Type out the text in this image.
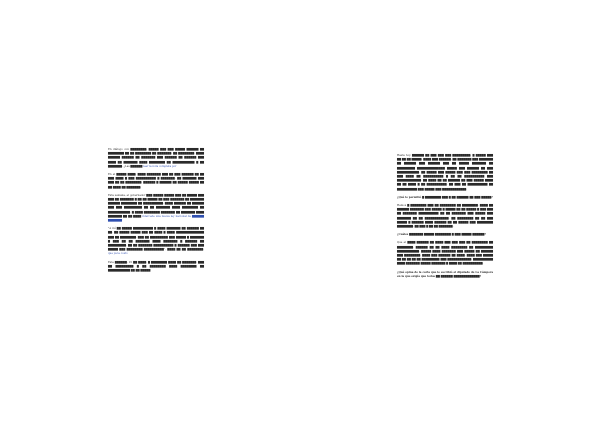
En diálogo con ▇▇▇▇▇▇▇▇, ▇▇▇▇▇ ▇▇▇ ▇▇▇ ▇▇▇▇▇ ▇▇▇▇▇▇ ▇▇ ▇▇▇▇▇▇▇▇ ▇▇ ▇▇ ▇▇▇▇▇▇▇▇ ▇▇ ▇▇▇▇▇▇▇. ▇▇ ▇▇▇▇▇▇▇▇, ▇▇▇▇ ▇▇▇▇▇▇ ▇▇▇▇▇▇ ▇▇ ▇▇▇▇▇▇▇ ▇▇▇ ▇▇▇▇▇▇ ▇▇ ▇▇▇▇▇▇ ▇▇▇ ▇▇▇▇ ▇▇ ▇▇▇▇▇▇▇ ▇▇▇▇ ▇▇▇▇▇▇▇▇ ▇▇ ▇▇▇▇▇▇▇▇▇▇▇ ▇ ▇▇ ▇▇▇▇▇▇▇. ¿Las ▇▇▇▇▇▇ leer la nota completa por

En el ▇▇▇▇▇ ▇▇▇▇, ▇▇▇▇ ▇▇▇▇▇▇▇ ▇▇▇ ▇▇ ▇▇▇ ▇▇▇▇▇▇ ▇▇ ▇▇ ▇▇▇ ▇▇▇▇ ▇ ▇▇▇ ▇▇▇▇▇▇▇▇▇▇ ▇ ▇▇▇▇▇▇▇, ▇▇ ▇▇▇▇▇▇▇ ▇▇▇ ▇▇▇ ▇▇ ▇▇ ▇▇▇▇▇▇▇▇. ▇▇▇▇▇▇ ▇ ▇▇▇▇▇▇ ▇▇ ▇▇▇▇▇ ▇▇▇▇▇ ▇▇ ▇▇ ▇▇▇▇ ▇▇ ▇▇▇▇▇▇▇.

Esta semana, el gobernador ▇▇▇ ▇▇▇▇▇ ▇▇▇▇▇ ▇▇▇ ▇▇ ▇▇▇▇▇ ▇▇▇ ▇▇▇ ▇▇ ▇▇▇▇▇▇▇ ▇ ▇▇ ▇▇ ▇▇▇▇▇ ▇▇ ▇▇▇ ▇▇▇▇▇▇▇ ▇▇ ▇▇▇▇▇▇▇ ▇▇▇▇▇▇ ▇▇▇▇▇▇▇▇ ▇▇ ▇▇▇▇▇▇▇▇▇▇, ▇▇▇▇ ▇▇▇▇▇▇ ▇▇ ▇▇▇▇▇▇ ▇▇▇ ▇▇▇ ▇▇▇▇▇▇▇▇▇ ▇▇ ▇▇ ▇▇▇▇▇▇▇ ▇▇▇▇ ▇▇▇▇▇▇▇▇ ▇▇ ▇▇▇▇▇▇▇▇▇▇▇, ▇ ▇▇▇▇ ▇▇▇▇▇▇▇▇ ▇▇▇▇▇▇▇ ▇▇ ▇▇▇▇▇▇▇ ▇▇▇▇ ▇▇▇▇▇▇▇ ▇▇ ▇▇ ▇▇▇▇ intercede una nueva ley nacional de ▇▇▇▇▇▇ ▇▇▇▇▇▇▇

"A mí ▇▇ ▇▇▇▇▇ ▇▇▇▇▇▇▇▇▇▇ ▇ ▇▇▇▇ ▇▇▇▇▇▇▇ ▇▇ ▇▇▇▇▇▇ ▇▇ ▇▇, ▇▇ ▇▇▇▇▇ ▇▇▇▇▇ ▇▇▇ ▇▇ ▇▇▇▇ ▇ ▇▇▇▇ ▇▇▇▇▇▇▇▇▇▇▇▇▇▇ ▇▇▇ ▇▇ ▇▇▇▇▇▇▇▇. ▇▇▇ ▇▇ ▇▇▇▇▇▇▇▇▇ ▇▇▇ ▇▇▇▇▇ ▇ ▇▇▇▇▇▇▇ ▇ ▇▇▇ ▇▇ ▇▇ ▇▇▇▇▇▇▇ ▇▇▇▇ ▇▇▇▇▇▇▇ ▇ ▇▇▇▇▇▇ ▇▇ ▇▇▇▇▇▇▇▇▇, ▇▇ ▇▇ ▇▇▇▇▇▇▇ ▇▇▇▇▇▇▇▇▇▇ ▇ ▇▇▇▇▇▇ ▇▇▇ ▇▇▇ ▇▇▇▇▇ ▇▇▇ ▇▇▇▇▇▇▇▇ ▇▇▇▇▇▇▇▇▇▇", ▇▇▇▇ ▇▇ ▇▇ ▇▇▇▇▇▇▇▇. que ya le costó

Este ▇▇▇▇▇▇, 25 ▇▇ ▇▇▇▇, ▇ ▇▇▇▇▇▇▇▇ ▇▇▇▇ ▇▇ ▇▇▇▇▇▇▇. ▇▇▇ ▇▇ ▇▇▇▇▇▇▇▇▇ ▇ ▇▇ ▇▇▇▇▇▇▇▇ ▇▇▇▇ ▇▇▇▇▇▇▇▇ ▇▇ ▇▇▇▇▇▇▇▇▇▇▇ ▇▇ ▇▇ ▇▇▇▇▇

Hasta hoy ▇▇▇▇▇▇ ▇▇ ▇▇▇ ▇▇▇ ▇▇▇ ▇▇▇▇▇▇▇▇▇, ▇ ▇▇▇▇▇ ▇▇▇ ▇▇ ▇▇ ▇▇ ▇▇▇▇▇. ▇▇▇▇ ▇▇▇ ▇▇▇▇▇▇, ▇▇ ▇▇▇▇▇▇▇ ▇▇▇ ▇▇▇▇▇▇▇ ▇▇ ▇▇▇▇▇▇ ▇▇▇ ▇▇▇▇▇▇ ▇▇▇ ▇▇ ▇▇▇▇▇ ▇▇▇▇▇▇▇ ▇▇ ▇▇▇▇▇▇▇▇▇ ▇▇▇▇▇▇▇▇▇▇▇▇▇▇ ▇▇▇▇▇ ▇▇▇ ▇▇▇▇▇▇ ▇▇ ▇▇▇ ▇▇▇▇▇▇▇▇▇▇▇, ▇▇ ▇▇▇▇▇ ▇▇▇ ▇▇▇▇▇ ▇▇▇ ▇▇▇ ▇▇▇▇▇▇▇▇ ▇▇ ▇▇▇ ▇▇▇▇ ▇▇ ▇▇▇▇▇▇▇▇▇▇ ▇ ▇▇ ▇▇ ▇▇▇▇▇▇▇▇▇▇ ▇▇▇ ▇▇▇▇▇▇▇▇▇▇▇▇. ▇▇ ▇▇▇▇ ▇▇ ▇▇ ▇▇▇▇▇▇ ▇▇ ▇▇▇ ▇▇▇▇▇ ▇▇▇▇ ▇▇ ▇▇ ▇▇▇▇ ▇ ▇▇ ▇▇▇▇▇▇▇▇▇▇, ▇▇ ▇▇▇ ▇▇ ▇▇▇▇▇▇▇▇▇▇ ▇▇ ▇▇▇▇▇▇▇▇▇▇ ▇▇▇ ▇▇▇▇▇ ▇▇▇ ▇▇▇▇▇▇▇▇▇▇▇▇.

¿Qué le permitió ▇ ▇▇▇▇▇▇▇▇ ▇▇▇ ▇ ▇▇ ▇▇▇▇▇▇ ▇▇ ▇▇▇ ▇▇▇▇▇?

Hemos ▇ ▇▇▇▇▇▇▇▇ ▇▇▇ ▇▇ ▇▇▇▇▇▇▇▇ ▇▇ ▇▇▇▇▇▇▇▇. ▇▇▇▇ ▇▇ ▇▇▇▇▇▇ ▇▇▇▇▇▇▇ ▇▇▇ ▇▇▇▇▇ ▇ ▇▇▇▇▇ ▇▇ ▇▇ ▇▇▇▇▇ ▇ ▇▇▇ ▇▇▇ ▇▇ ▇▇▇▇▇▇▇ ▇▇▇▇▇▇▇▇▇▇ ▇▇ ▇▇ ▇▇▇▇▇▇▇ ▇▇▇ ▇▇▇▇▇ ▇▇▇ ▇▇▇▇▇▇▇ ▇▇ ▇▇ ▇▇▇▇▇▇▇▇▇▇▇▇. ▇▇ ▇▇▇▇▇▇▇▇ ▇▇ ▇▇ ▇▇▇ ▇▇▇▇▇ ▇ ▇▇▇▇▇▇ ▇▇▇▇ ▇▇▇▇▇▇ ▇▇ ▇▇ ▇▇▇▇▇ ▇▇▇ ▇▇▇▇▇▇▇▇ ▇▇▇▇▇▇▇▇, ▇▇ ▇▇▇ ▇ ▇▇ ▇▇ ▇▇▇▇▇▇▇.

¿Cuáles ▇▇▇▇▇▇▇ ▇▇▇▇▇ ▇▇▇▇▇▇▇▇ ▇ ▇▇▇ ▇▇▇▇▇ ▇▇▇▇▇▇?

Que el ▇▇▇▇ ▇▇▇▇▇▇ ▇▇ ▇▇▇▇ ▇▇▇ ▇▇▇ ▇▇▇ ▇▇ ▇▇▇▇▇▇▇▇ ▇▇ ▇▇▇▇▇▇▇▇, ▇▇▇▇▇▇ ▇▇ ▇▇ ▇▇▇▇ ▇▇▇▇▇▇▇▇ ▇▇ ▇▇▇▇▇▇▇▇▇ ▇▇▇▇▇▇▇▇▇▇▇. ▇▇▇▇▇ ▇▇▇▇ ▇▇▇▇▇▇▇ ▇▇▇ ▇▇▇▇▇ ▇▇ ▇▇▇▇▇▇ ▇▇▇ ▇▇▇▇▇▇▇▇, ▇▇▇▇ ▇▇▇ ▇▇▇▇▇▇ ▇▇ ▇▇▇▇, ▇▇▇▇ ▇▇▇ ▇▇▇▇▇ ▇▇ ▇▇ ▇▇ ▇▇ ▇▇ ▇▇▇▇▇▇▇▇▇ ▇▇▇ ▇▇▇▇▇▇▇▇▇▇▇▇. ▇▇▇▇▇▇▇▇▇▇ ▇▇▇▇ ▇▇▇▇▇▇▇ ▇▇▇▇▇ ▇▇▇▇▇▇▇ ▇ ▇▇▇▇ ▇▇ ▇▇▇▇▇▇▇▇▇▇.

¿Qué opina de la carta que le escribió el diputado de La Cámpora en la que exigía que todos ▇▇ ▇▇▇▇▇▇ ▇▇▇▇▇▇▇▇▇▇▇▇▇?
